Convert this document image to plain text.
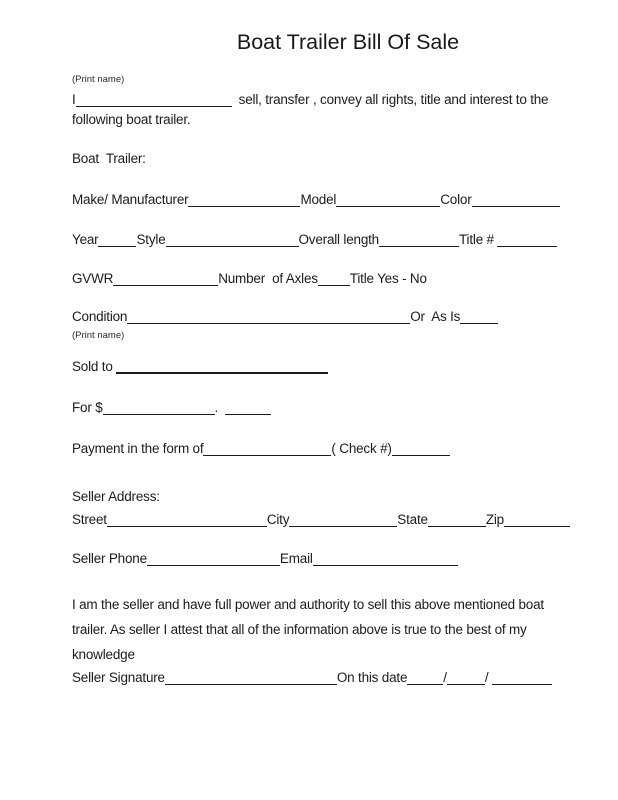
Boat Trailer Bill Of Sale
(Print name)
I	sell, transfer , convey all rights, title and interest to the
following boat trailer.
Boat  Trailer:
Make/ Manufacturer	Model	Color
Year	Style	Overall length	Title #
GVWR	Number  of Axles Title Yes - No
Condition	Or  As Is
(Print name)
Sold to
For $	.
Payment in the form of	( Check #)
Seller Address:
Street	City	State	Zip
Seller Phone	Email
I am the seller and have full power and authority to sell this above mentioned boat
trailer. As seller I attest that all of the information above is true to the best of my
knowledge
Seller Signature	On this date	/	/
